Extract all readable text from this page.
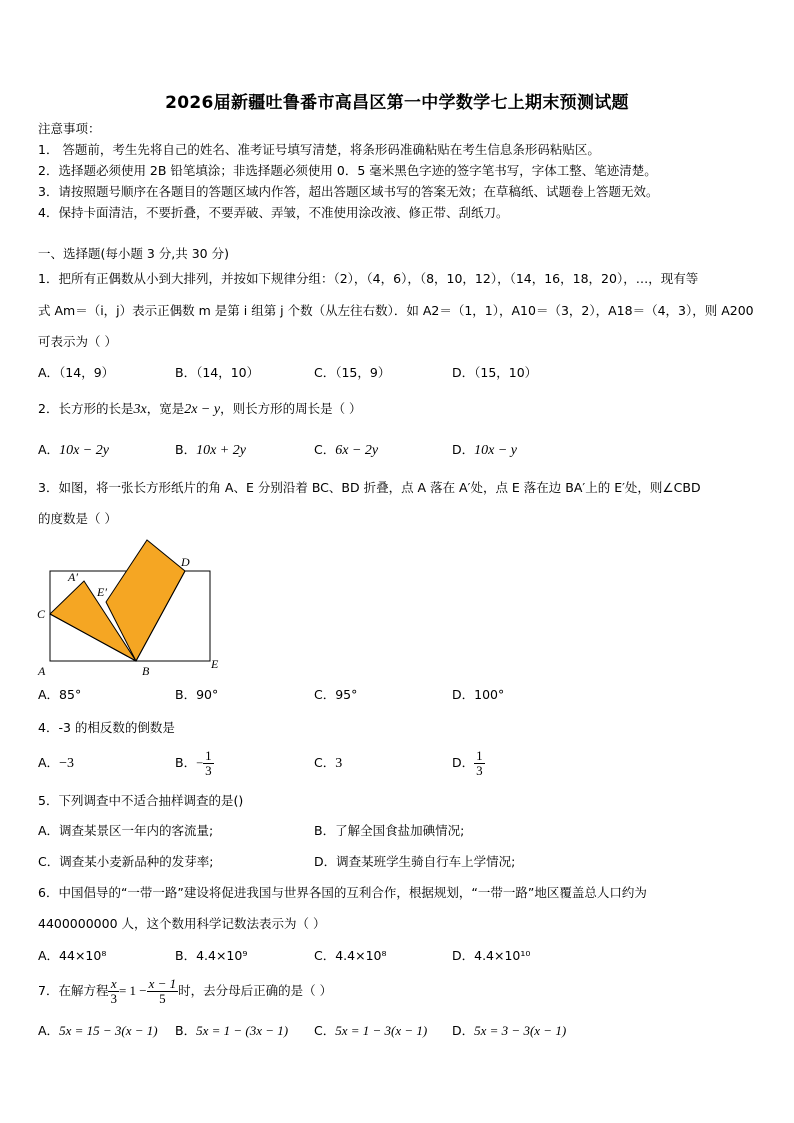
2026届新疆吐鲁番市高昌区第一中学数学七上期末预测试题
注意事项：
1． 答题前，考生先将自己的姓名、准考证号填写清楚，将条形码准确粘贴在考生信息条形码粘贴区。
2．选择题必须使用 2B 铅笔填涂；非选择题必须使用 0．5 毫米黑色字迹的签字笔书写，字体工整、笔迹清楚。
3．请按照题号顺序在各题目的答题区域内作答，超出答题区域书写的答案无效；在草稿纸、试题卷上答题无效。
4．保持卡面清洁，不要折叠，不要弄破、弄皱，不准使用涂改液、修正带、刮纸刀。
一、选择题(每小题 3 分,共 30 分)
1．把所有正偶数从小到大排列，并按如下规律分组：（2），（4，6），（8，10，12），（14，16，18，20），…，现有等
式 Am＝（i，j）表示正偶数 m 是第 i 组第 j 个数（从左往右数）．如 A2＝（1，1），A10＝（3，2），A18＝（4，3），则 A200
可表示为（ ）
A．（14，9）	B．（14，10）	C．（15，9）	D．（15，10）
2．长方形的长是3x，宽是2x − y，则长方形的周长是（ ）
A．10x − 2y	B．10x + 2y	C．6x − 2y	D．10x − y
3．如图，将一张长方形纸片的角 A、E 分别沿着 BC、BD 折叠，点 A 落在 A′处，点 E 落在边 BA′上的 E′处，则∠CBD
的度数是（ ）
A	B
C
D
E
A′
E′
A．85°	B．90°	C．95°	D．100°
4．-3 的相反数的倒数是
A．−3	B．− $\frac{1}{3}$	C．3	D． $\frac{1}{3}$
5．下列调查中不适合抽样调查的是()
A．调查某景区一年内的客流量;	B．了解全国食盐加碘情况;
C．调查某小麦新品种的发芽率;	D．调查某班学生骑自行车上学情况;
6．中国倡导的“一带一路”建设将促进我国与世界各国的互利合作，根据规划，“一带一路”地区覆盖总人口约为
4400000000 人，这个数用科学记数法表示为（ ）
A．44×10⁸	B．4.4×10⁹	C．4.4×10⁸	D．4.4×10¹⁰
7．在解方程 $\frac{x}{3} = 1 - \frac{x - 1}{5}$ 时，去分母后正确的是（ ）
A．5x = 15 − 3(x − 1) B．5x = 1 − (3x − 1) C．5x = 1 − 3(x − 1) D．5x = 3 − 3(x − 1)
